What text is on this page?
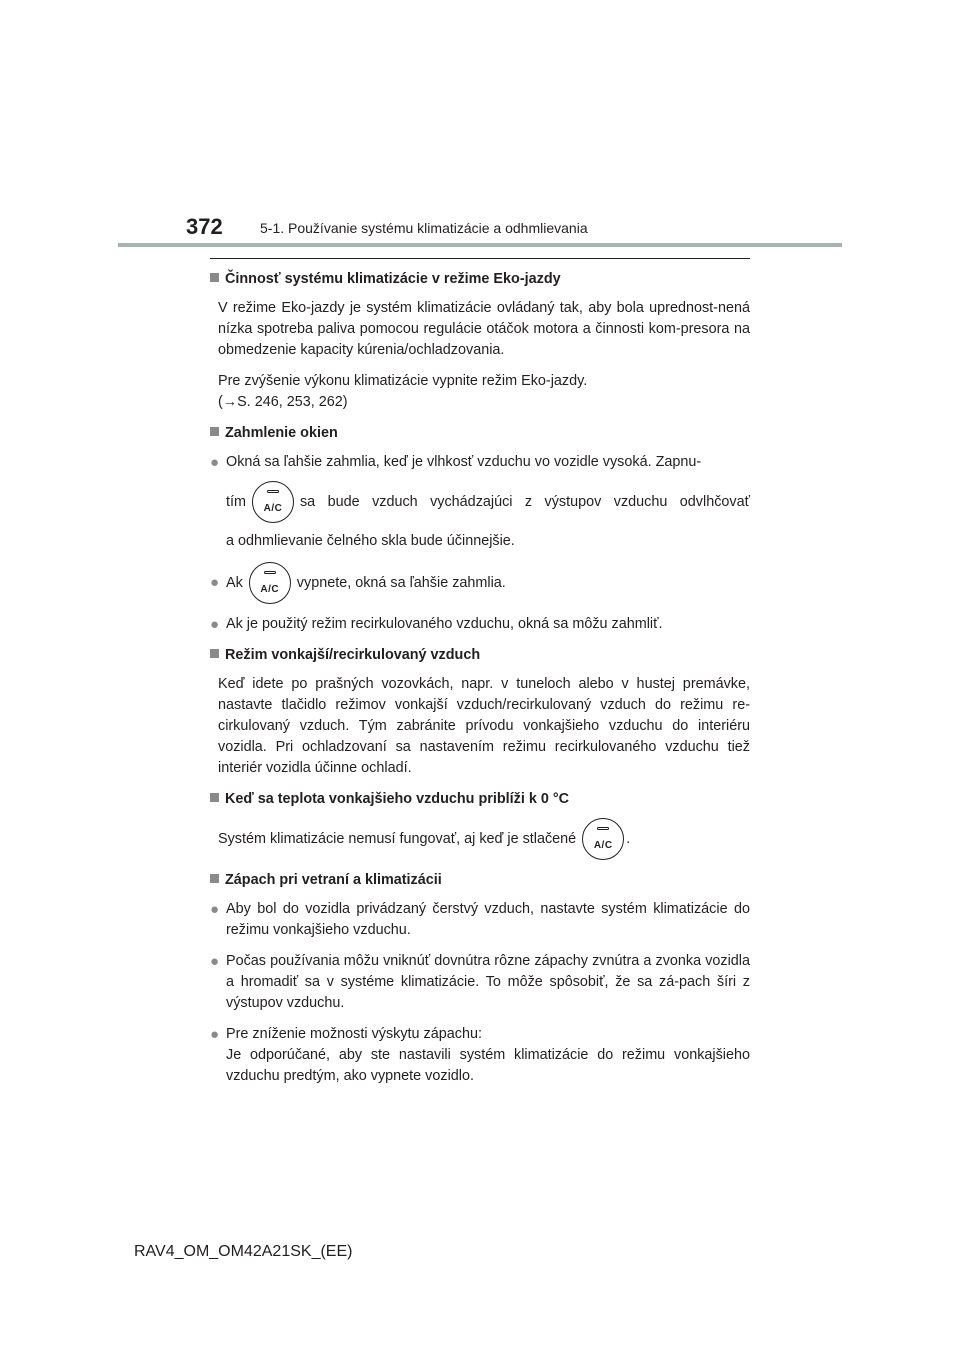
372	5-1. Používanie systému klimatizácie a odhmlievania
Činnosť systému klimatizácie v režime Eko-jazdy
V režime Eko-jazdy je systém klimatizácie ovládaný tak, aby bola uprednost-nená nízka spotreba paliva pomocou regulácie otáčok motora a činnosti kom-presora na obmedzenie kapacity kúrenia/ochladzovania.
Pre zvýšenie výkonu klimatizácie vypnite režim Eko-jazdy.
(→S. 246, 253, 262)
Zahmlenie okien
● Okná sa ľahšie zahmlia, keď je vlhkosť vzduchu vo vozidle vysoká. Zapnu-
tím	A/C	sa bude vzduch vychádzajúci z výstupov vzduchu odvlhčovať
a odhmlievanie čelného skla bude účinnejšie.
● Ak	A/C	vypnete, okná sa ľahšie zahmlia.
● Ak je použitý režim recirkulovaného vzduchu, okná sa môžu zahmliť.
Režim vonkajší/recirkulovaný vzduch
Keď idete po prašných vozovkách, napr. v tuneloch alebo v hustej premávke, nastavte tlačidlo režimov vonkajší vzduch/recirkulovaný vzduch do režimu re-cirkulovaný vzduch. Tým zabránite prívodu vonkajšieho vzduchu do interiéru vozidla. Pri ochladzovaní sa nastavením režimu recirkulovaného vzduchu tiež interiér vozidla účinne ochladí.
Keď sa teplota vonkajšieho vzduchu priblíži k 0 °C
Systém klimatizácie nemusí fungovať, aj keď je stlačené	A/C .
Zápach pri vetraní a klimatizácii
● Aby bol do vozidla privádzaný čerstvý vzduch, nastavte systém klimatizácie do režimu vonkajšieho vzduchu.
● Počas používania môžu vniknúť dovnútra rôzne zápachy zvnútra a zvonka vozidla a hromadiť sa v systéme klimatizácie. To môže spôsobiť, že sa zá-pach šíri z výstupov vzduchu.
● Pre zníženie možnosti výskytu zápachu:
Je odporúčané, aby ste nastavili systém klimatizácie do režimu vonkajšieho vzduchu predtým, ako vypnete vozidlo.
RAV4_OM_OM42A21SK_(EE)
